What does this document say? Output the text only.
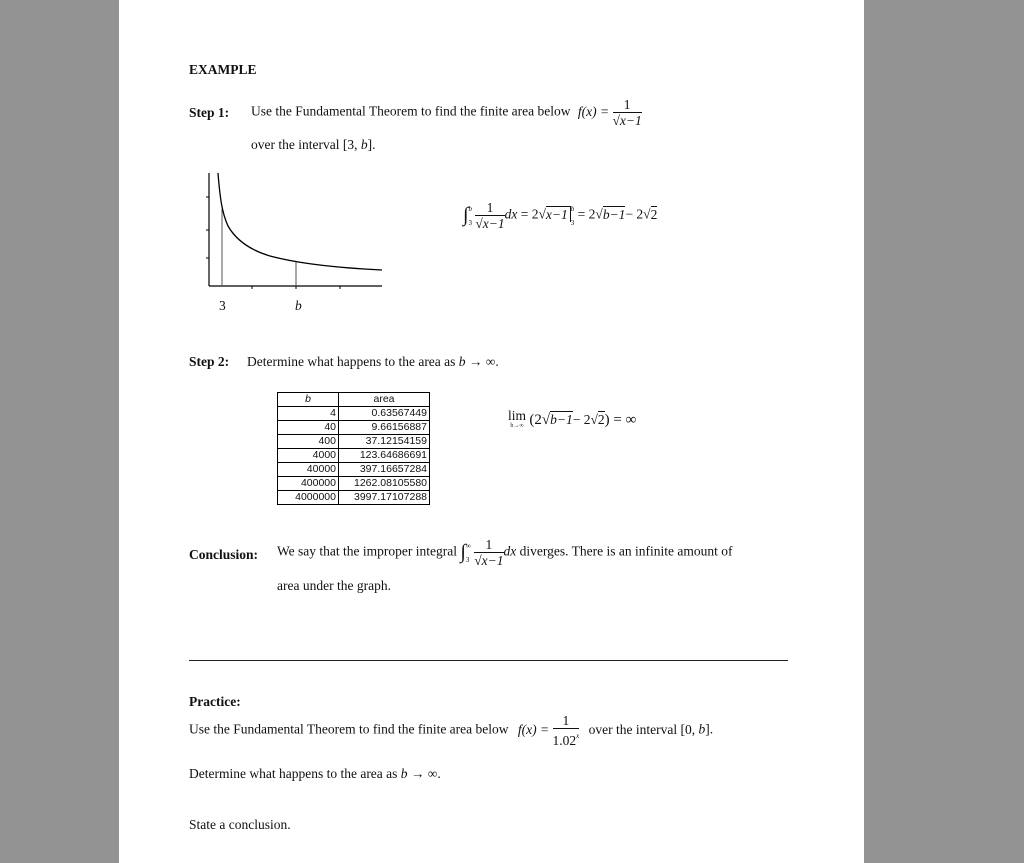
EXAMPLE
Step 1: Use the Fundamental Theorem to find the finite area below $f(x) = \frac{1}{√x-1}$
over the interval [3, b].
3	b
∫ b
3
$\frac{1}{√x-1}$ dx = 2√x−1 b
3
= 2√b−1− 2√2
Step 2: Determine what happens to the area as b → ∞.
b	area
4	0.63567449
40	9.66156887
400	37.12154159
4000	123.64686691
40000	397.16657284
400000	1262.08105580
4000000	3997.17107288
lim
b→∞ (2√b−1− 2√2) = ∞
Conclusion: We say that the improper integral ∫ ∞
3
$\frac{1}{√x-1}$ dx diverges. There is an infinite amount of
area under the graph.
Practice:
Use the Fundamental Theorem to find the finite area below $f(x) = \frac{1}{1.02^x}$ over the interval [0, b].
Determine what happens to the area as b → ∞.
State a conclusion.
